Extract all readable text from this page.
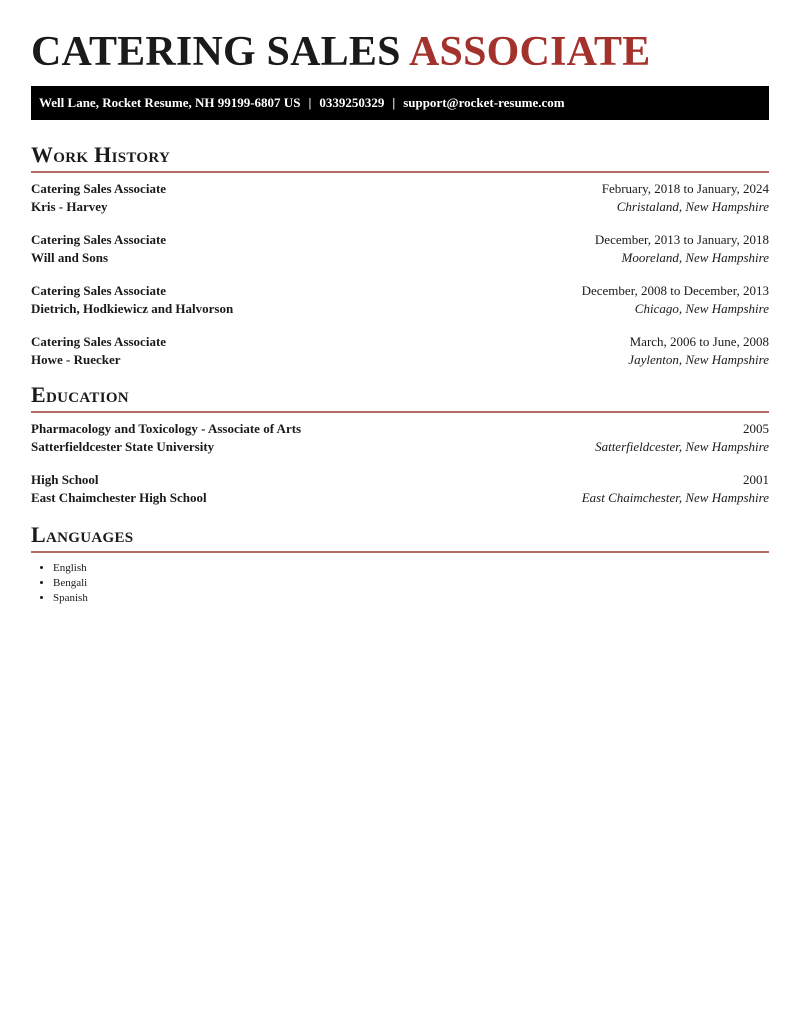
CATERING SALES ASSOCIATE
Well Lane, Rocket Resume, NH 99199-6807 US | 0339250329 | support@rocket-resume.com
Work History
Catering Sales Associate	February, 2018 to January, 2024
Kris - Harvey	Christaland, New Hampshire
Catering Sales Associate	December, 2013 to January, 2018
Will and Sons	Mooreland, New Hampshire
Catering Sales Associate	December, 2008 to December, 2013
Dietrich, Hodkiewicz and Halvorson	Chicago, New Hampshire
Catering Sales Associate	March, 2006 to June, 2008
Howe - Ruecker	Jaylenton, New Hampshire
Education
Pharmacology and Toxicology - Associate of Arts	2005
Satterfieldcester State University	Satterfieldcester, New Hampshire
High School	2001
East Chaimchester High School	East Chaimchester, New Hampshire
Languages
• English
• Bengali
• Spanish
